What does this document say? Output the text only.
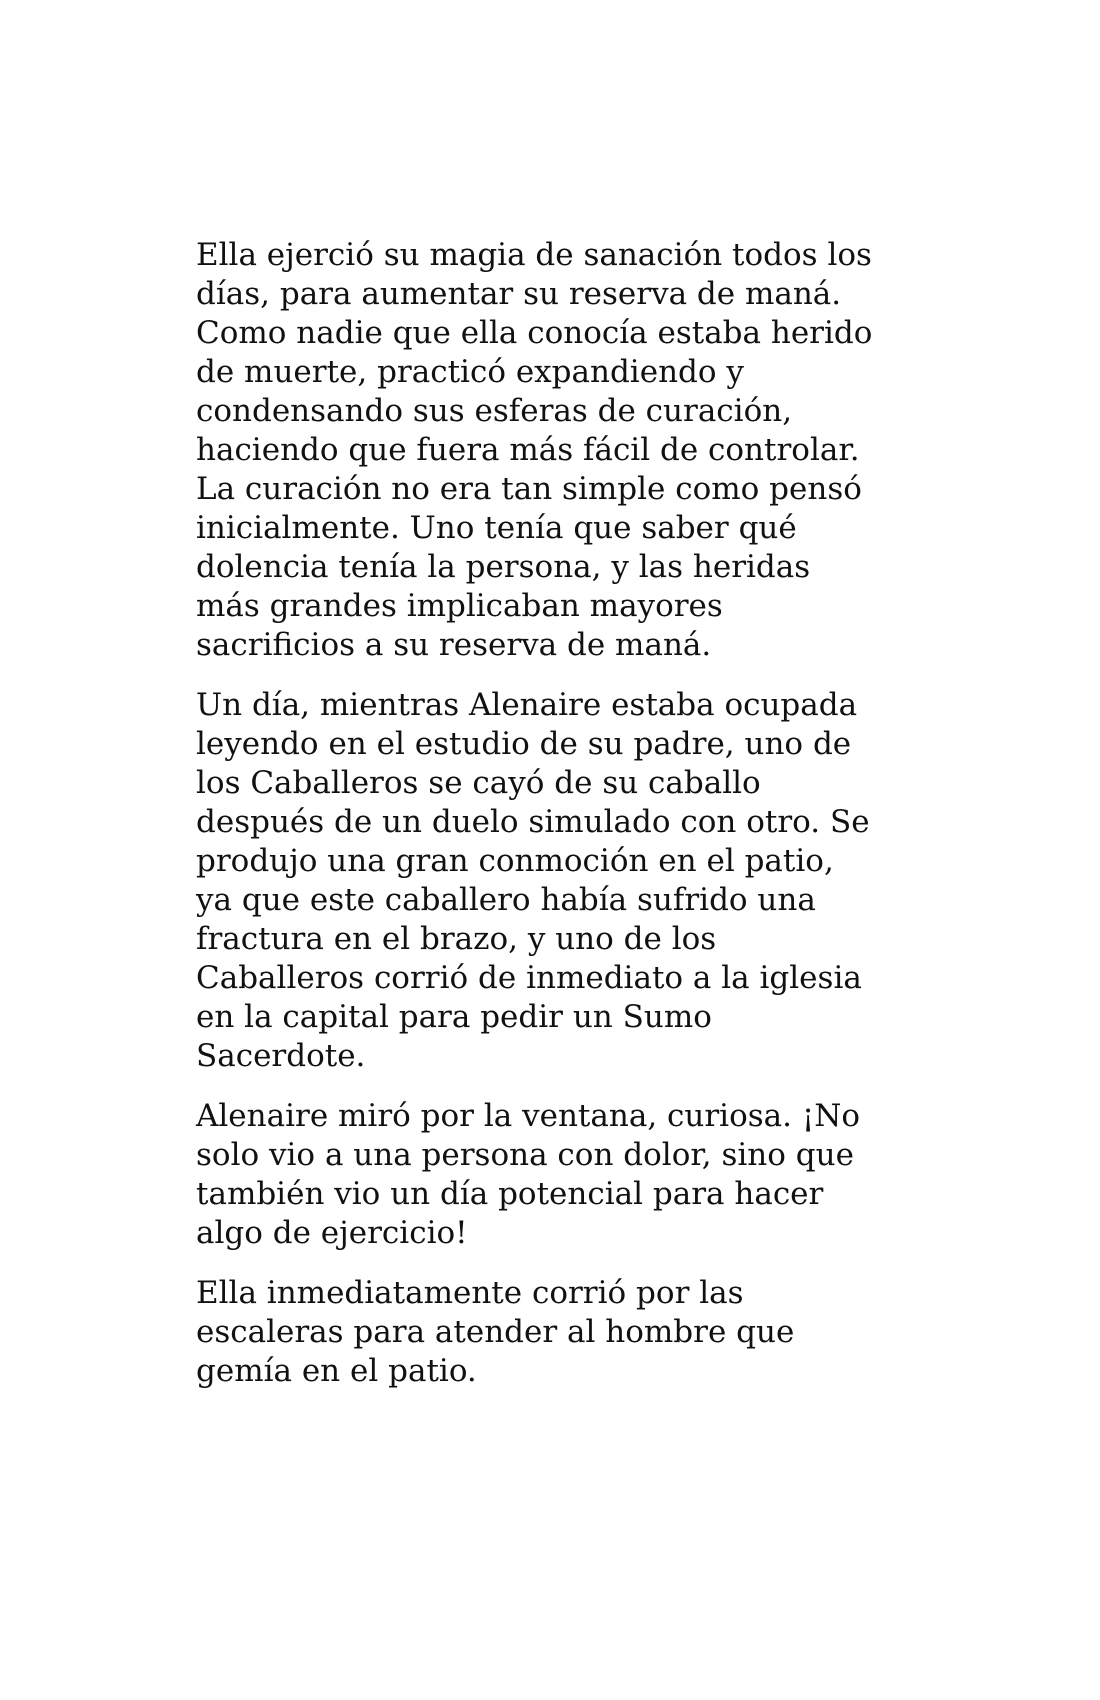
Ella ejerció su magia de sanación todos los
días, para aumentar su reserva de maná.
Como nadie que ella conocía estaba herido
de muerte, practicó expandiendo y
condensando sus esferas de curación,
haciendo que fuera más fácil de controlar.
La curación no era tan simple como pensó
inicialmente. Uno tenía que saber qué
dolencia tenía la persona, y las heridas
más grandes implicaban mayores
sacrificios a su reserva de maná.

Un día, mientras Alenaire estaba ocupada
leyendo en el estudio de su padre, uno de
los Caballeros se cayó de su caballo
después de un duelo simulado con otro. Se
produjo una gran conmoción en el patio,
ya que este caballero había sufrido una
fractura en el brazo, y uno de los
Caballeros corrió de inmediato a la iglesia
en la capital para pedir un Sumo
Sacerdote.

Alenaire miró por la ventana, curiosa. ¡No
solo vio a una persona con dolor, sino que
también vio un día potencial para hacer
algo de ejercicio!

Ella inmediatamente corrió por las
escaleras para atender al hombre que
gemía en el patio.
